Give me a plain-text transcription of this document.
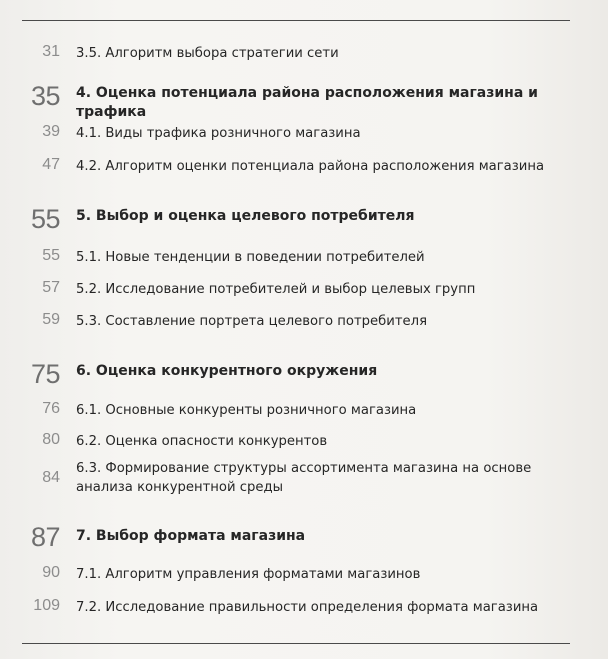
31 3.5. Алгоритм выбора стратегии сети
35 4. Оценка потенциала района расположения магазина и трафика
39 4.1. Виды трафика розничного магазина
47 4.2. Алгоритм оценки потенциала района расположения магазина
55 5. Выбор и оценка целевого потребителя
55 5.1. Новые тенденции в поведении потребителей
57 5.2. Исследование потребителей и выбор целевых групп
59 5.3. Составление портрета целевого потребителя
75 6. Оценка конкурентного окружения
76 6.1. Основные конкуренты розничного магазина
80 6.2. Оценка опасности конкурентов
84
6.3. Формирование структуры ассортимента магазина на основе анализа конкурентной среды
87 7. Выбор формата магазина
90 7.1. Алгоритм управления форматами магазинов
109 7.2. Исследование правильности определения формата магазина
